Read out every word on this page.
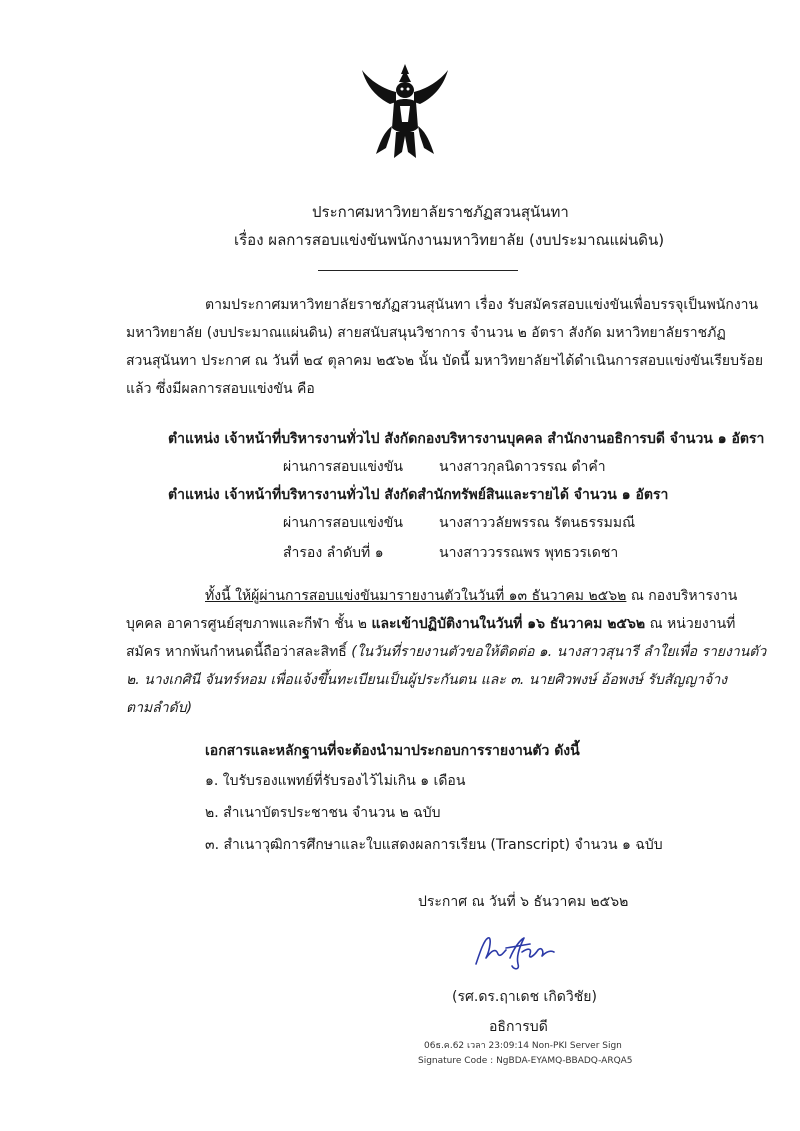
ประกาศมหาวิทยาลัยราชภัฏสวนสุนันทา
เรื่อง ผลการสอบแข่งขันพนักงานมหาวิทยาลัย (งบประมาณแผ่นดิน)
ตามประกาศมหาวิทยาลัยราชภัฏสวนสุนันทา เรื่อง รับสมัครสอบแข่งขันเพื่อบรรจุเป็นพนักงาน
มหาวิทยาลัย (งบประมาณแผ่นดิน) สายสนับสนุนวิชาการ จำนวน ๒ อัตรา สังกัด มหาวิทยาลัยราชภัฏ
สวนสุนันทา ประกาศ ณ วันที่ ๒๔ ตุลาคม ๒๕๖๒ นั้น บัดนี้ มหาวิทยาลัยฯได้ดำเนินการสอบแข่งขันเรียบร้อย
แล้ว ซึ่งมีผลการสอบแข่งขัน คือ
ตำแหน่ง เจ้าหน้าที่บริหารงานทั่วไป สังกัดกองบริหารงานบุคคล สำนักงานอธิการบดี จำนวน ๑ อัตรา
ผ่านการสอบแข่งขัน	นางสาวกุลนิดาวรรณ ดำคำ
ตำแหน่ง เจ้าหน้าที่บริหารงานทั่วไป สังกัดสำนักทรัพย์สินและรายได้ จำนวน ๑ อัตรา
ผ่านการสอบแข่งขัน	นางสาววลัยพรรณ รัตนธรรมมณี
สำรอง ลำดับที่ ๑	นางสาววรรณพร พุทธวรเดชา
ทั้งนี้ ให้ผู้ผ่านการสอบแข่งขันมารายงานตัวในวันที่ ๑๓ ธันวาคม ๒๕๖๒ ณ กองบริหารงาน
บุคคล อาคารศูนย์สุขภาพและกีฬา ชั้น ๒ และเข้าปฏิบัติงานในวันที่ ๑๖ ธันวาคม ๒๕๖๒ ณ หน่วยงานที่
สมัคร หากพ้นกำหนดนี้ถือว่าสละสิทธิ์ (ในวันที่รายงานตัวขอให้ติดต่อ ๑. นางสาวสุนารี ลำใยเพื่อ รายงานตัว
๒. นางเกศินี จันทร์หอม เพื่อแจ้งขึ้นทะเบียนเป็นผู้ประกันตน และ ๓. นายศิวพงษ์ อ้อพงษ์ รับสัญญาจ้าง
ตามลำดับ)
เอกสารและหลักฐานที่จะต้องนำมาประกอบการรายงานตัว ดังนี้
๑. ใบรับรองแพทย์ที่รับรองไว้ไม่เกิน ๑ เดือน
๒. สำเนาบัตรประชาชน จำนวน ๒ ฉบับ
๓. สำเนาวุฒิการศึกษาและใบแสดงผลการเรียน (Transcript) จำนวน ๑ ฉบับ
ประกาศ ณ วันที่ ๖ ธันวาคม ๒๕๖๒
(รศ.ดร.ฤาเดช เกิดวิชัย)
อธิการบดี
06ธ.ค.62 เวลา 23:09:14 Non-PKI Server Sign
Signature Code : NgBDA-EYAMQ-BBADQ-ARQA5
